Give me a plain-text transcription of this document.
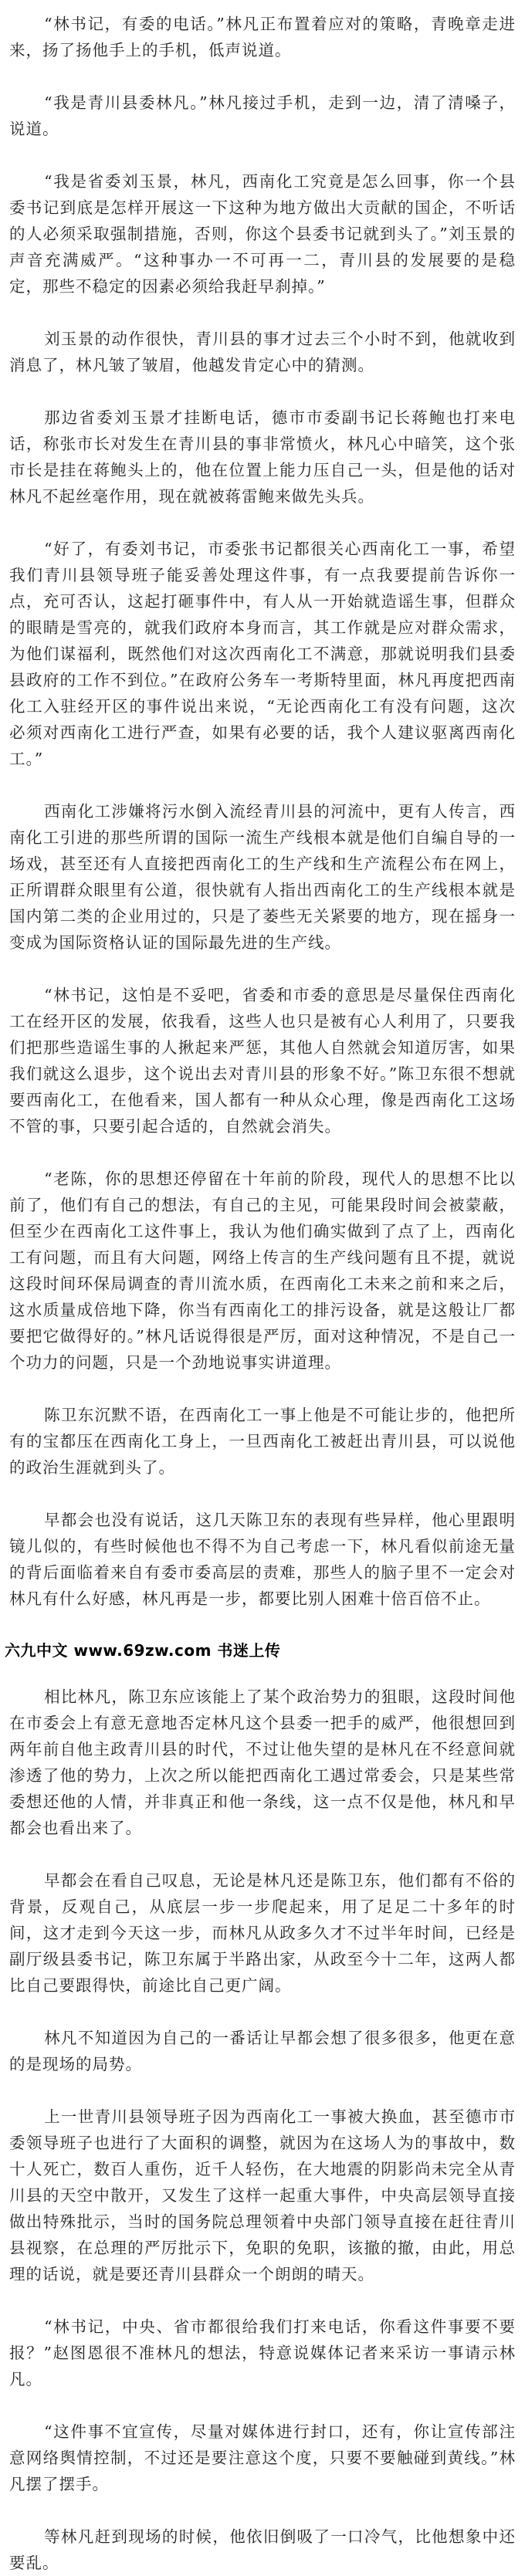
“林书记，有委的电话。”林凡正布置着应对的策略，青晚章走进来，扬了扬他手上的手机，低声说道。

“我是青川县委林凡。”林凡接过手机，走到一边，清了清嗓子，说道。

“我是省委刘玉景，林凡，西南化工究竟是怎么回事，你一个县委书记到底是怎样开展这一下这种为地方做出大贡献的国企，不听话的人必须采取强制措施，否则，你这个县委书记就到头了。”刘玉景的声音充满威严。“这种事办一不可再一二，青川县的发展要的是稳定，那些不稳定的因素必须给我赶早刹掉。”

刘玉景的动作很快，青川县的事才过去三个小时不到，他就收到消息了，林凡皱了皱眉，他越发肯定心中的猜测。

那边省委刘玉景才挂断电话，德市市委副书记长蒋鲍也打来电话，称张市长对发生在青川县的事非常愤火，林凡心中暗笑，这个张市长是挂在蒋鲍头上的，他在位置上能力压自己一头，但是他的话对林凡不起丝毫作用，现在就被蒋雷鲍来做先头兵。

“好了，有委刘书记，市委张书记都很关心西南化工一事，希望我们青川县领导班子能妥善处理这件事，有一点我要提前告诉你一点，充可否认，这起打砸事件中，有人从一开始就造谣生事，但群众的眼睛是雪亮的，就我们政府本身而言，其工作就是应对群众需求，为他们谋福利，既然他们对这次西南化工不满意，那就说明我们县委县政府的工作不到位。”在政府公务车一考斯特里面，林凡再度把西南化工入驻经开区的事件说出来说，“无论西南化工有没有问题，这次必须对西南化工进行严查，如果有必要的话，我个人建议驱离西南化工。”

西南化工涉嫌将污水倒入流经青川县的河流中，更有人传言，西南化工引进的那些所谓的国际一流生产线根本就是他们自编自导的一场戏，甚至还有人直接把西南化工的生产线和生产流程公布在网上，正所谓群众眼里有公道，很快就有人指出西南化工的生产线根本就是国内第二类的企业用过的，只是了萎些无关紧要的地方，现在摇身一变成为国际资格认证的国际最先进的生产线。

“林书记，这怕是不妥吧，省委和市委的意思是尽量保住西南化工在经开区的发展，依我看，这些人也只是被有心人利用了，只要我们把那些造谣生事的人揪起来严惩，其他人自然就会知道厉害，如果我们就这么退步，这个说出去对青川县的形象不好。”陈卫东很不想就要西南化工，在他看来，国人都有一种从众心理，像是西南化工这场不管的事，只要引起合适的，自然就会消失。

“老陈，你的思想还停留在十年前的阶段，现代人的思想不比以前了，他们有自己的想法，有自己的主见，可能果段时间会被蒙蔽，但至少在西南化工这件事上，我认为他们确实做到了点了上，西南化工有问题，而且有大问题，网络上传言的生产线问题有且不提，就说这段时间环保局调查的青川流水质，在西南化工未来之前和来之后，这水质量成倍地下降，你当有西南化工的排污设备，就是这般让厂都要把它做得好的。”林凡话说得很是严厉，面对这种情况，不是自己一个功力的问题，只是一个劲地说事实讲道理。

陈卫东沉默不语，在西南化工一事上他是不可能让步的，他把所有的宝都压在西南化工身上，一旦西南化工被赶出青川县，可以说他的政治生涯就到头了。

早都会也没有说话，这几天陈卫东的表现有些异样，他心里跟明镜儿似的，有些时候他也不得不为自己考虑一下，林凡看似前途无量的背后面临着来自有委市委高层的责难，那些人的脑子里不一定会对林凡有什么好感，林凡再是一步，都要比别人困难十倍百倍不止。

六九中文 www.69zw.com 书迷上传

相比林凡，陈卫东应该能上了某个政治势力的狙眼，这段时间他在市委会上有意无意地否定林凡这个县委一把手的威严，他很想回到两年前自他主政青川县的时代，不过让他失望的是林凡在不经意间就渗透了他的势力，上次之所以能把西南化工遇过常委会，只是某些常委想还他的人情，并非真正和他一条线，这一点不仅是他，林凡和早都会也看出来了。

早都会在看自己叹息，无论是林凡还是陈卫东，他们都有不俗的背景，反观自己，从底层一步一步爬起来，用了足足二十多年的时间，这才走到今天这一步，而林凡从政多久才不过半年时间，已经是副厅级县委书记，陈卫东属于半路出家，从政至今十二年，这两人都比自己要跟得快，前途比自己更广阔。

林凡不知道因为自己的一番话让早都会想了很多很多，他更在意的是现场的局势。

上一世青川县领导班子因为西南化工一事被大换血，甚至德市市委领导班子也进行了大面积的调整，就因为在这场人为的事故中，数十人死亡，数百人重伤，近千人轻伤，在大地震的阴影尚未完全从青川县的天空中散开，又发生了这样一起重大事件，中央高层领导直接做出特殊批示，当时的国务院总理领着中央部门领导直接在赶往青川县视察，在总理的严厉批示下，免职的免职，该撤的撤，由此，用总理的话说，就是要还青川县群众一个朗朗的晴天。

“林书记，中央、省市都很给我们打来电话，你看这件事要不要报？”赵图恩很不准林凡的想法，特意说媒体记者来采访一事请示林凡。

“这件事不宜宣传，尽量对媒体进行封口，还有，你让宣传部注意网络舆情控制，不过还是要注意这个度，只要不要触碰到黄线。”林凡摆了摆手。

等林凡赶到现场的时候，他依旧倒吸了一口冷气，比他想象中还要乱。
